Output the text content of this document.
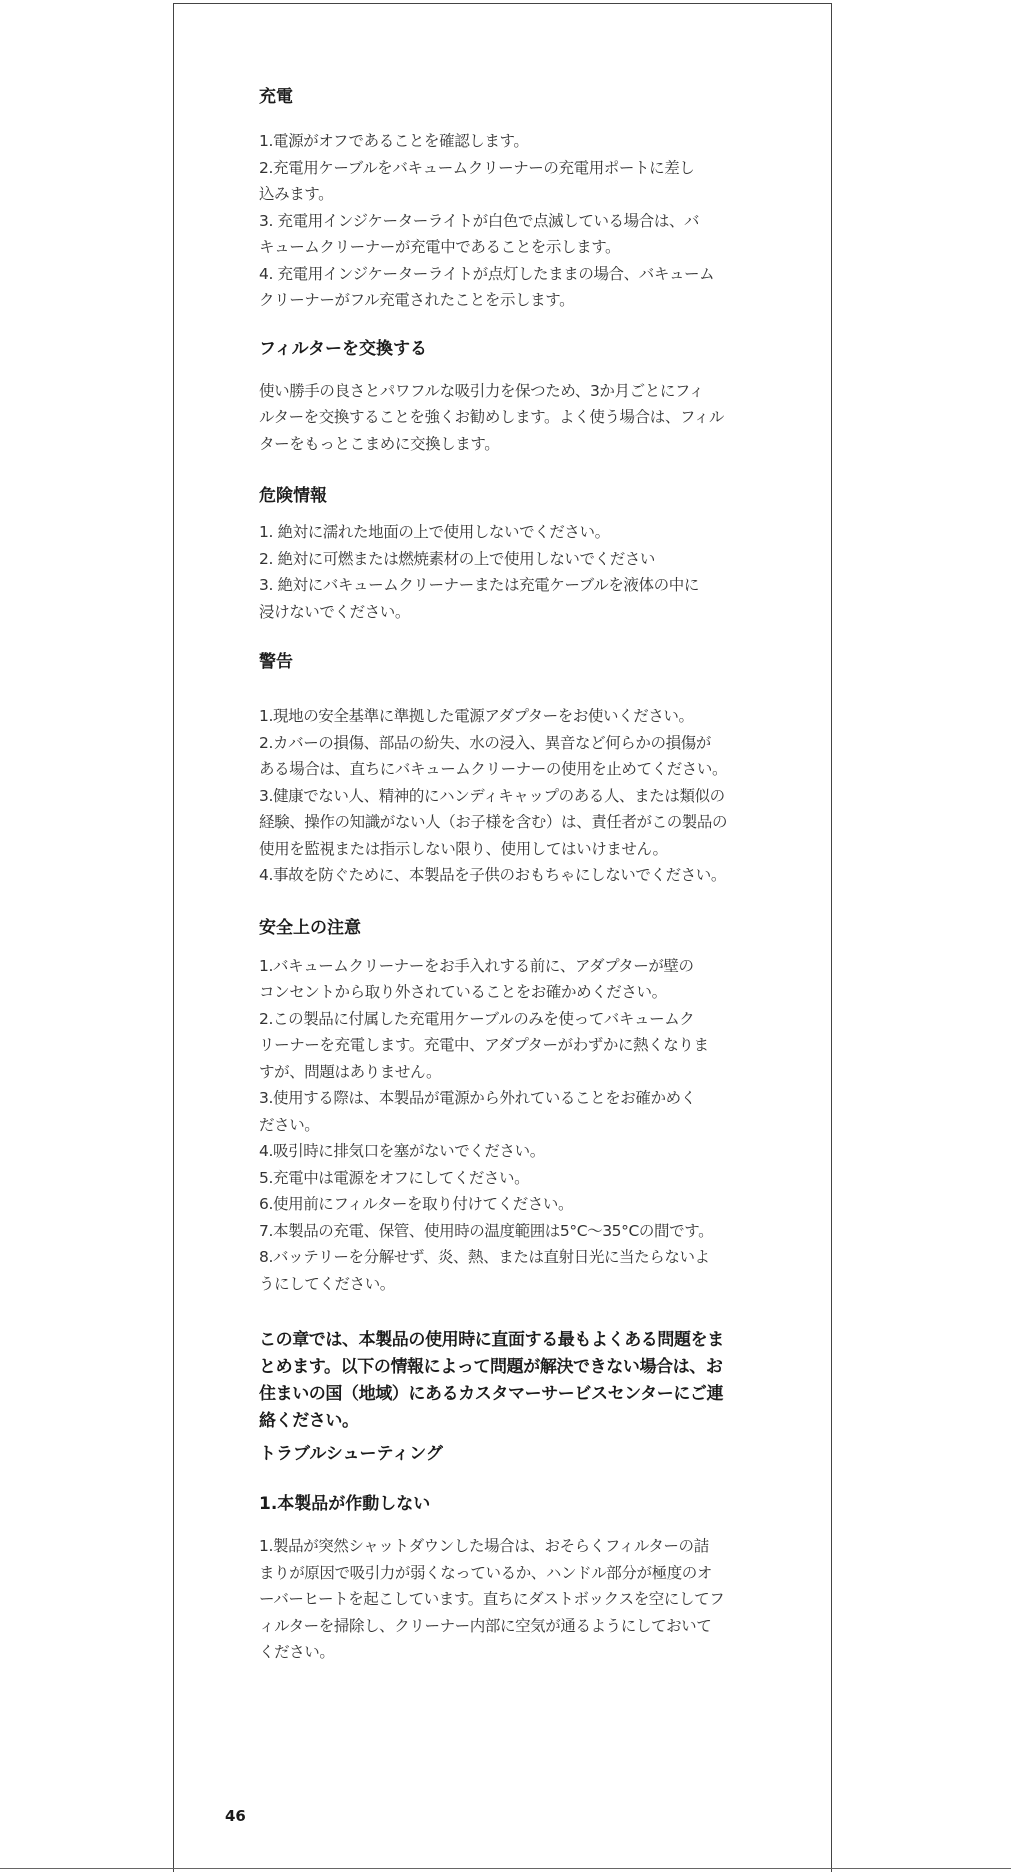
充電

1.電源がオフであることを確認します。

2.充電用ケーブルをバキュームクリーナーの充電用ポートに差し

込みます。

3. 充電用インジケーターライトが白色で点滅している場合は、バ

キュームクリーナーが充電中であることを示します。

4. 充電用インジケーターライトが点灯したままの場合、バキューム

クリーナーがフル充電されたことを示します。

フィルターを交換する

使い勝手の良さとパワフルな吸引力を保つため、3か月ごとにフィ

ルターを交換することを強くお勧めします。よく使う場合は、フィル

ターをもっとこまめに交換します。

危険情報

1. 絶対に濡れた地面の上で使用しないでください。

2. 絶対に可燃または燃焼素材の上で使用しないでください

3. 絶対にバキュームクリーナーまたは充電ケーブルを液体の中に

浸けないでください。

警告

1.現地の安全基準に準拠した電源アダプターをお使いください。

2.カバーの損傷、部品の紛失、水の浸入、異音など何らかの損傷が

ある場合は、直ちにバキュームクリーナーの使用を止めてください。

3.健康でない人、精神的にハンディキャップのある人、または類似の

経験、操作の知識がない人（お子様を含む）は、責任者がこの製品の

使用を監視または指示しない限り、使用してはいけません。

4.事故を防ぐために、本製品を子供のおもちゃにしないでください。

安全上の注意

1.バキュームクリーナーをお手入れする前に、アダプターが壁の

コンセントから取り外されていることをお確かめください。

2.この製品に付属した充電用ケーブルのみを使ってバキュームク

リーナーを充電します。充電中、アダプターがわずかに熱くなりま

すが、問題はありません。

3.使用する際は、本製品が電源から外れていることをお確かめく

ださい。

4.吸引時に排気口を塞がないでください。

5.充電中は電源をオフにしてください。

6.使用前にフィルターを取り付けてください。

7.本製品の充電、保管、使用時の温度範囲は5°C～35°Cの間です。

8.バッテリーを分解せず、炎、熱、または直射日光に当たらないよ

うにしてください。

この章では、本製品の使用時に直面する最もよくある問題をま

とめます。以下の情報によって問題が解決できない場合は、お

住まいの国（地域）にあるカスタマーサービスセンターにご連

絡ください。

トラブルシューティング
1.本製品が作動しない

1.製品が突然シャットダウンした場合は、おそらくフィルターの詰

まりが原因で吸引力が弱くなっているか、ハンドル部分が極度のオ

ーバーヒートを起こしています。直ちにダストボックスを空にしてフ

ィルターを掃除し、クリーナー内部に空気が通るようにしておいて

ください。

46
